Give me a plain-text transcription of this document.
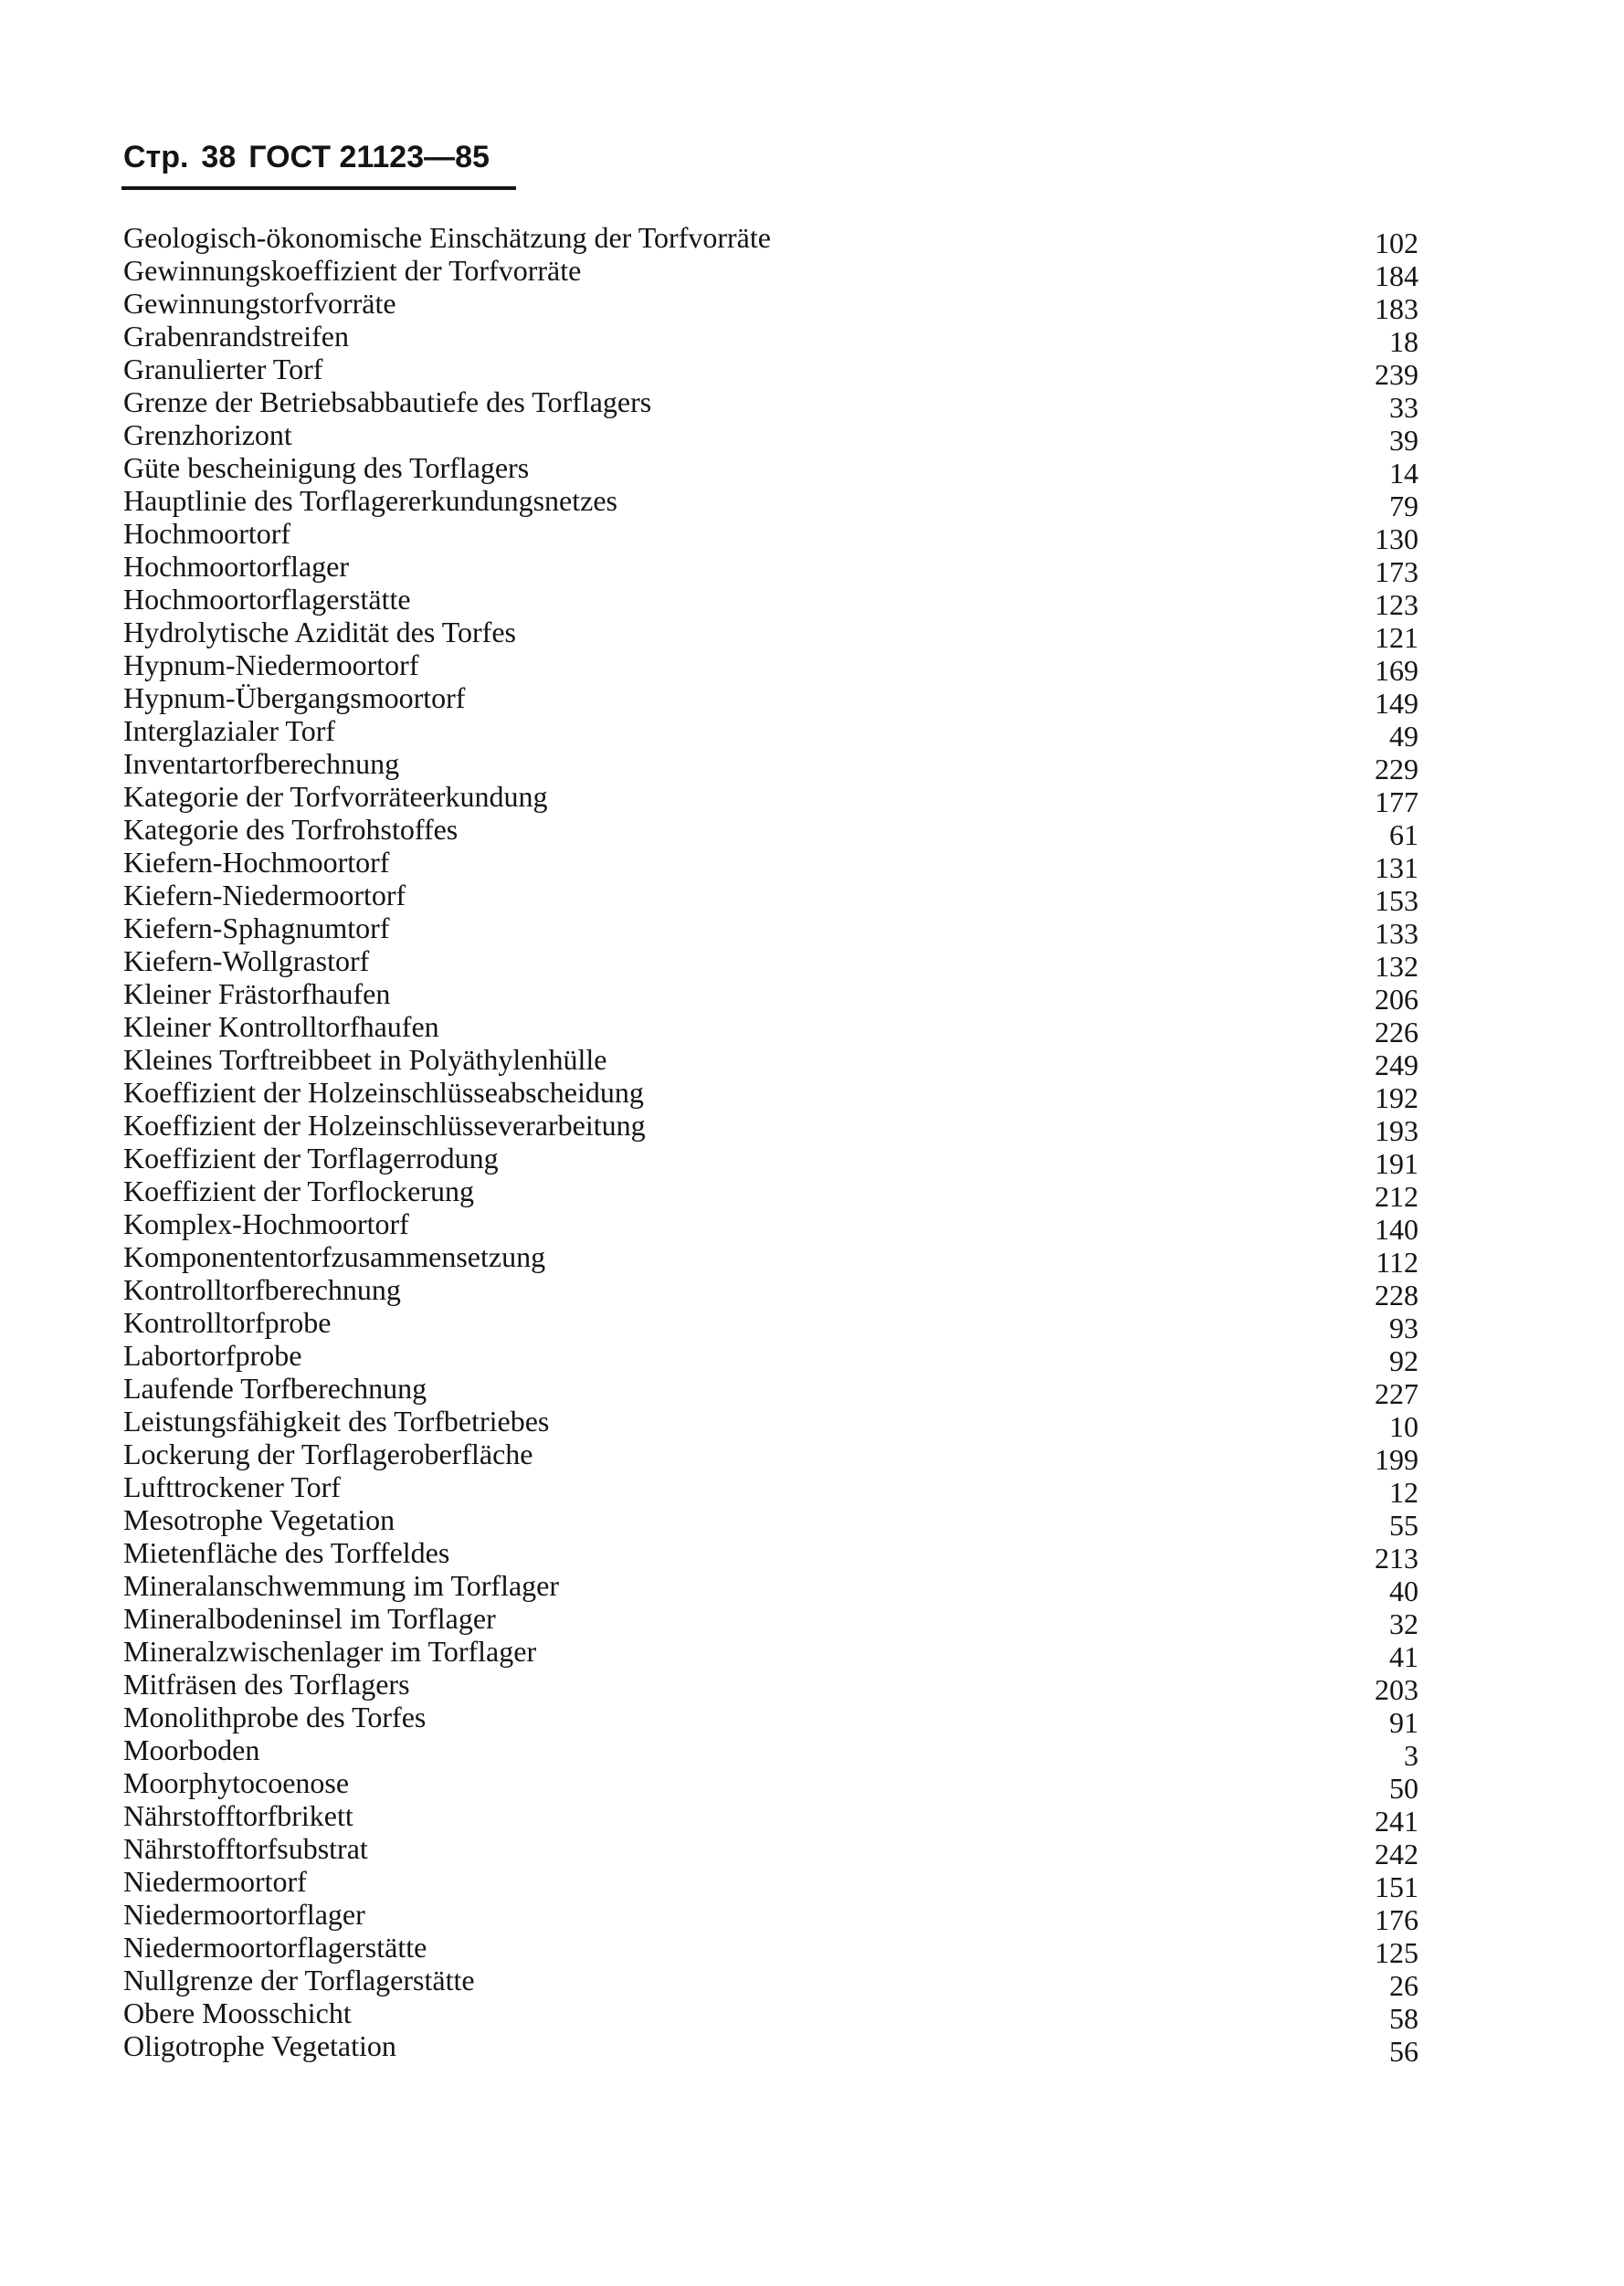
Стр. 38 ГОСТ 21123—85
Geologisch-ökonomische Einschätzung der Torfvorräte	102
Gewinnungskoeffizient der Torfvorräte	184
Gewinnungstorfvorräte	183
Grabenrandstreifen	18
Granulierter Torf	239
Grenze der Betriebsabbautiefe des Torflagers	33
Grenzhorizont	39
Güte bescheinigung des Torflagers	14
Hauptlinie des Torflagererkundungsnetzes	79
Hochmoortorf	130
Hochmoortorflager	173
Hochmoortorflagerstätte	123
Hydrolytische Azidität des Torfes	121
Hypnum-Niedermoortorf	169
Hypnum-Übergangsmoortorf	149
Interglazialer Torf	49
Inventartorfberechnung	229
Kategorie der Torfvorräteerkundung	177
Kategorie des Torfrohstoffes	61
Kiefern-Hochmoortorf	131
Kiefern-Niedermoortorf	153
Kiefern-Sphagnumtorf	133
Kiefern-Wollgrastorf	132
Kleiner Frästorfhaufen	206
Kleiner Kontrolltorfhaufen	226
Kleines Torftreibbeet in Polyäthylenhülle	249
Koeffizient der Holzeinschlüsseabscheidung	192
Koeffizient der Holzeinschlüsseverarbeitung	193
Koeffizient der Torflagerrodung	191
Koeffizient der Torflockerung	212
Komplex-Hochmoortorf	140
Komponententorfzusammensetzung	112
Kontrolltorfberechnung	228
Kontrolltorfprobe	93
Labortorfprobe	92
Laufende Torfberechnung	227
Leistungsfähigkeit des Torfbetriebes	10
Lockerung der Torflageroberfläche	199
Lufttrockener Torf	12
Mesotrophe Vegetation	55
Mietenfläche des Torffeldes	213
Mineralanschwemmung im Torflager	40
Mineralbodeninsel im Torflager	32
Mineralzwischenlager im Torflager	41
Mitfräsen des Torflagers	203
Monolithprobe des Torfes	91
Moorboden	3
Moorphytocoenose	50
Nährstofftorfbrikett	241
Nährstofftorfsubstrat	242
Niedermoortorf	151
Niedermoortorflager	176
Niedermoortorflagerstätte	125
Nullgrenze der Torflagerstätte	26
Obere Moosschicht	58
Oligotrophe Vegetation	56
